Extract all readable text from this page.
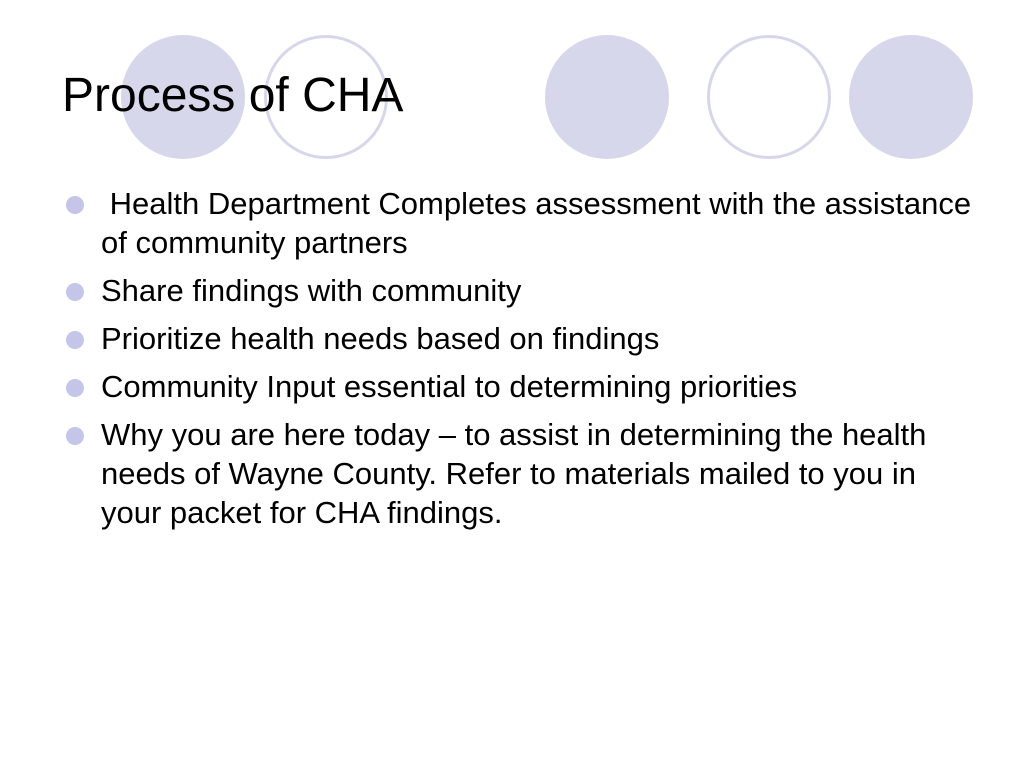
Process of CHA
Health Department Completes assessment with the assistance of community partners
Share findings with community
Prioritize health needs based on findings
Community Input essential to determining priorities
Why you are here today – to assist in determining the health needs of Wayne County. Refer to materials mailed to you in your packet for CHA findings.
